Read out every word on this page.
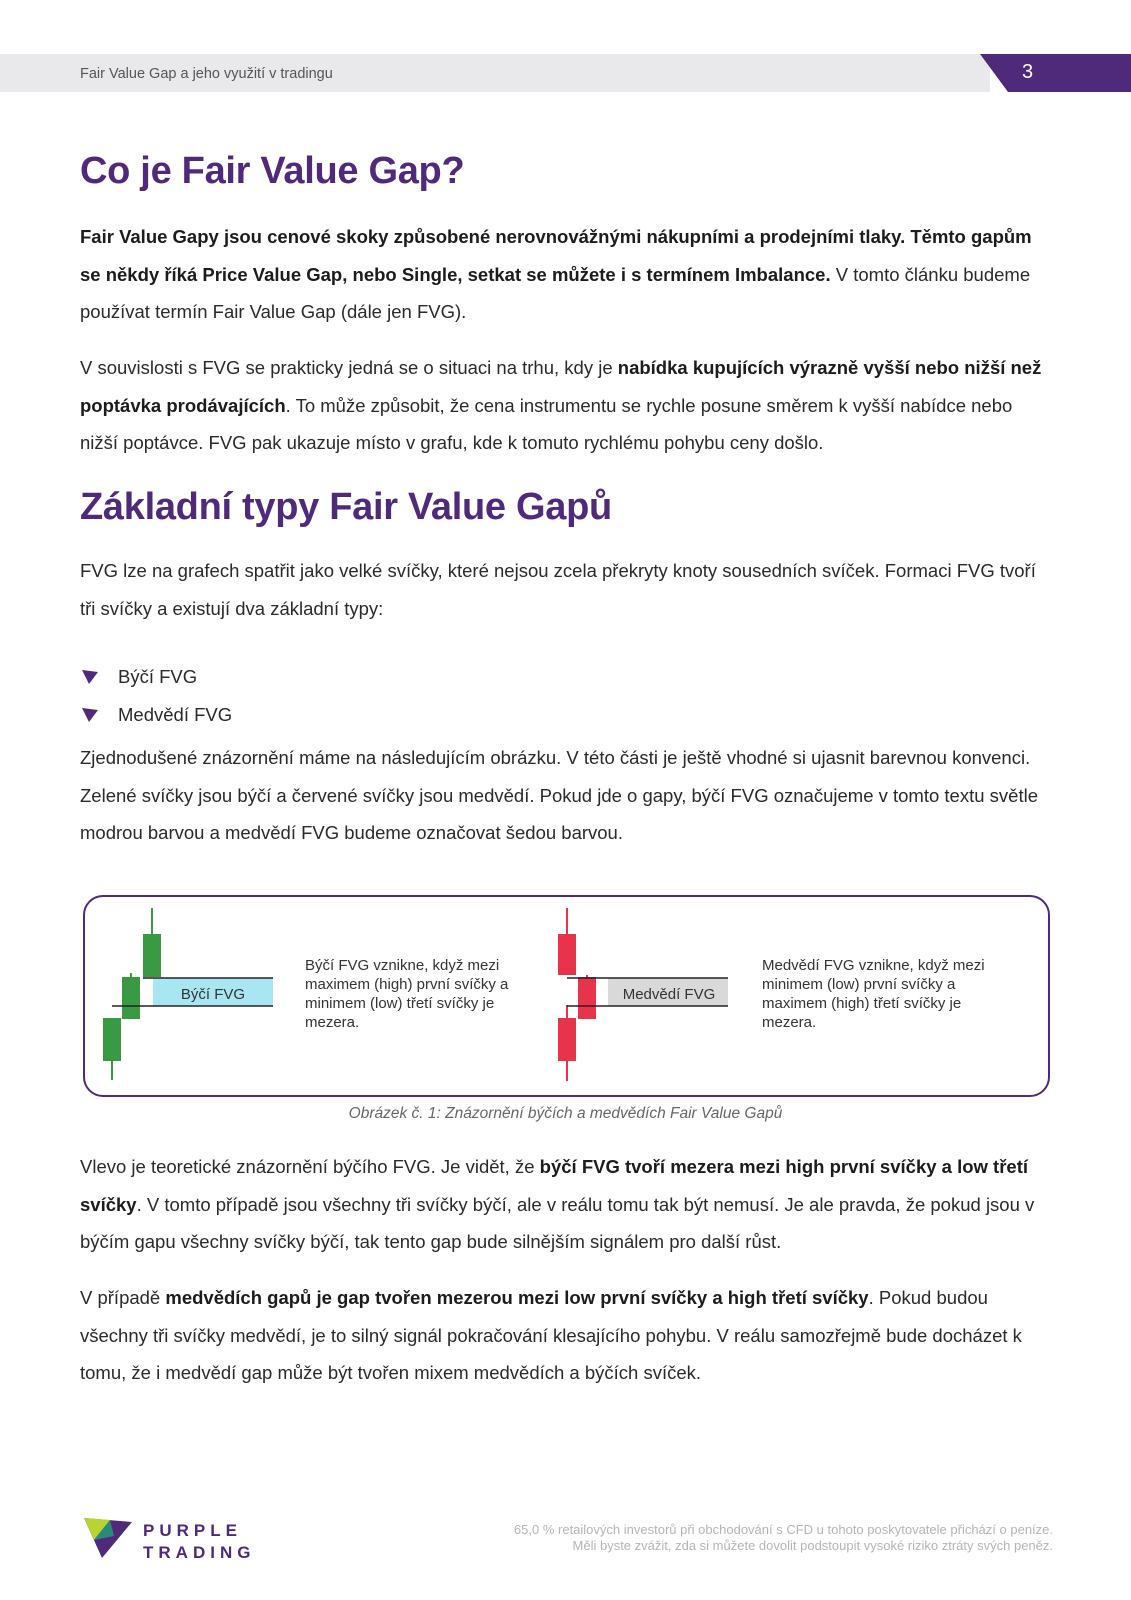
Fair Value Gap a jeho využití v tradingu	3
Co je Fair Value Gap?

Fair Value Gapy jsou cenové skoky způsobené nerovnovážnými nákupními a prodejními tlaky. Těmto gapům se někdy říká Price Value Gap, nebo Single, setkat se můžete i s termínem Imbalance. V tomto článku budeme používat termín Fair Value Gap (dále jen FVG).

V souvislosti s FVG se prakticky jedná se o situaci na trhu, kdy je nabídka kupujících výrazně vyšší nebo nižší než poptávka prodávajících. To může způsobit, že cena instrumentu se rychle posune směrem k vyšší nabídce nebo nižší poptávce. FVG pak ukazuje místo v grafu, kde k tomuto rychlému pohybu ceny došlo.

Základní typy Fair Value Gapů

FVG lze na grafech spatřit jako velké svíčky, které nejsou zcela překryty knoty sousedních svíček. Formaci FVG tvoří tři svíčky a existují dva základní typy:

Býčí FVG
Medvědí FVG

Zjednodušené znázornění máme na následujícím obrázku. V této části je ještě vhodné si ujasnit barevnou konvenci. Zelené svíčky jsou býčí a červené svíčky jsou medvědí. Pokud jde o gapy, býčí FVG označujeme v tomto textu světle modrou barvou a medvědí FVG budeme označovat šedou barvou.

Býčí FVG	Medvědí FVG
Býčí FVG vznikne, když mezi maximem (high) první svíčky a minimem (low) třetí svíčky je mezera.
Medvědí FVG vznikne, když mezi minimem (low) první svíčky a maximem (high) třetí svíčky je mezera.
Obrázek č. 1: Znázornění býčích a medvědích Fair Value Gapů

Vlevo je teoretické znázornění býčího FVG. Je vidět, že býčí FVG tvoří mezera mezi high první svíčky a low třetí svíčky. V tomto případě jsou všechny tři svíčky býčí, ale v reálu tomu tak být nemusí. Je ale pravda, že pokud jsou v býčím gapu všechny svíčky býčí, tak tento gap bude silnějším signálem pro další růst.

V případě medvědích gapů je gap tvořen mezerou mezi low první svíčky a high třetí svíčky. Pokud budou všechny tři svíčky medvědí, je to silný signál pokračování klesajícího pohybu. V reálu samozřejmě bude docházet k tomu, že i medvědí gap může být tvořen mixem medvědích a býčích svíček.

PURPLE
TRADING
65,0 % retailových investorů při obchodování s CFD u tohoto poskytovatele přichází o peníze.
Měli byste zvážit, zda si můžete dovolit podstoupit vysoké riziko ztráty svých peněz.
